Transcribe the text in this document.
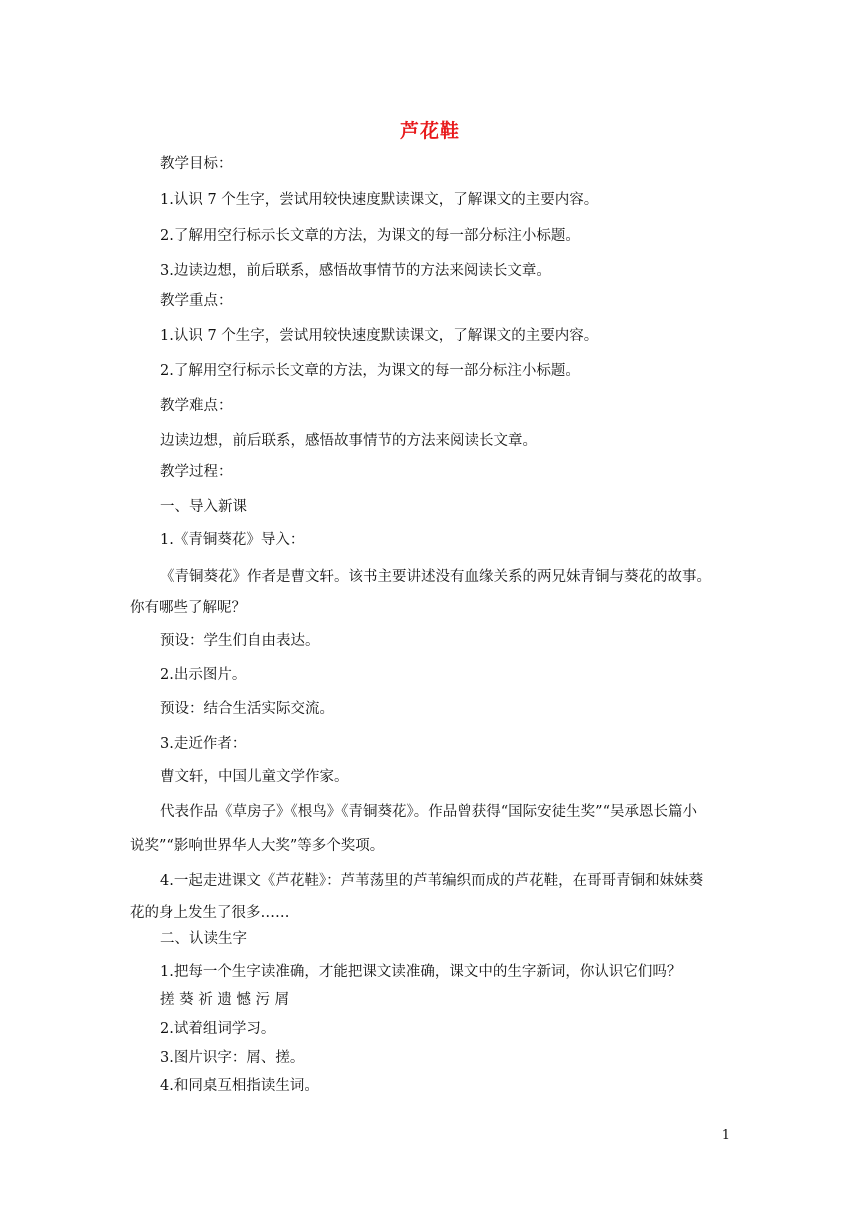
芦花鞋
教学目标：
1.认识 7 个生字，尝试用较快速度默读课文，了解课文的主要内容。
2.了解用空行标示长文章的方法，为课文的每一部分标注小标题。
3.边读边想，前后联系，感悟故事情节的方法来阅读长文章。
教学重点：
1.认识 7 个生字，尝试用较快速度默读课文，了解课文的主要内容。
2.了解用空行标示长文章的方法，为课文的每一部分标注小标题。
教学难点：
边读边想，前后联系，感悟故事情节的方法来阅读长文章。
教学过程：
一、导入新课
1.《青铜葵花》导入：
《青铜葵花》作者是曹文轩。该书主要讲述没有血缘关系的两兄妹青铜与葵花的故事。
你有哪些了解呢？
预设：学生们自由表达。
2.出示图片。
预设：结合生活实际交流。
3.走近作者：
曹文轩，中国儿童文学作家。
代表作品《草房子》《根鸟》《青铜葵花》。作品曾获得“国际安徒生奖”“吴承恩长篇小
说奖”“影响世界华人大奖”等多个奖项。
4.一起走进课文《芦花鞋》：芦苇荡里的芦苇编织而成的芦花鞋，在哥哥青铜和妹妹葵
花的身上发生了很多……
二、认读生字
1.把每一个生字读准确，才能把课文读准确，课文中的生字新词，你认识它们吗？
搓 葵 祈 遗 憾 污 屑
2.试着组词学习。
3.图片识字：屑、搓。
4.和同桌互相指读生词。
1
